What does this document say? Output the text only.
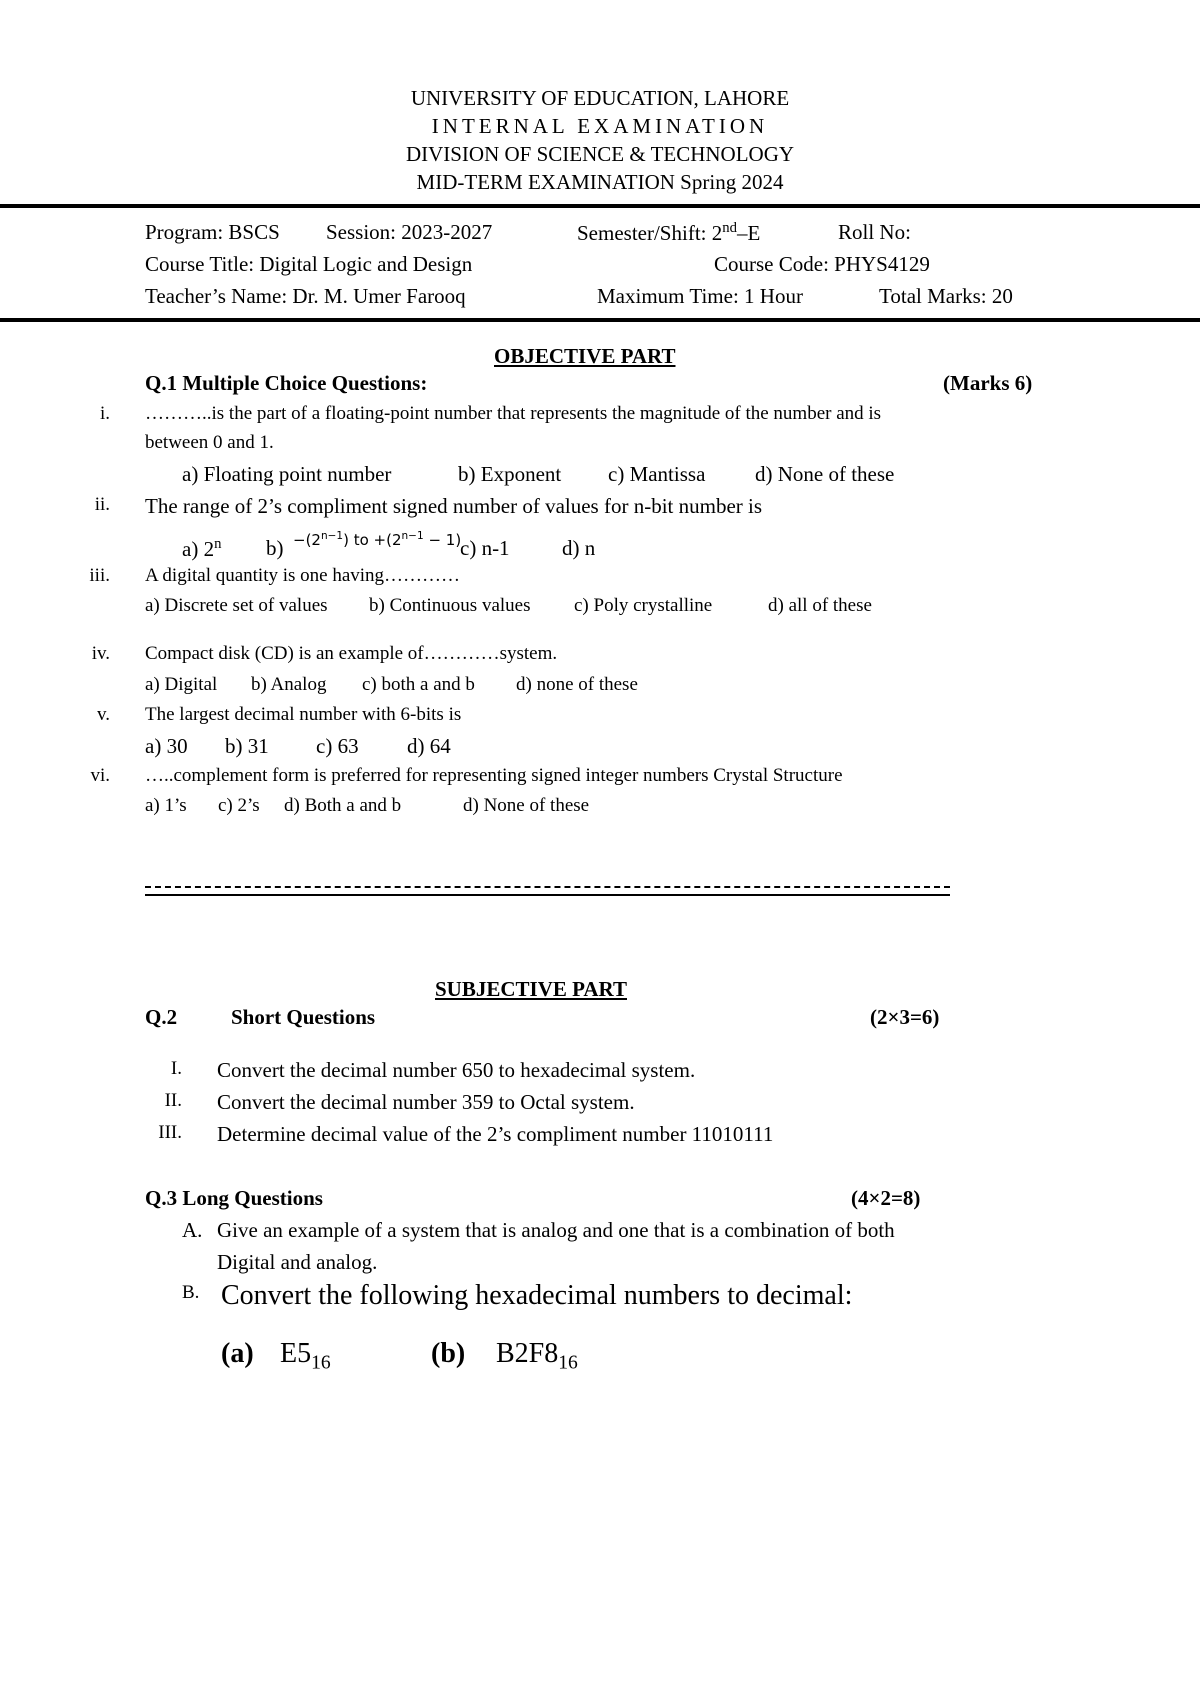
UNIVERSITY OF EDUCATION, LAHORE
INTERNAL EXAMINATION
DIVISION OF SCIENCE & TECHNOLOGY
MID-TERM EXAMINATION Spring 2024
Program: BSCS Session: 2023-2027	Semester/Shift: 2nd–E	Roll No:
Course Title: Digital Logic and Design	Course Code: PHYS4129
Teacher’s Name: Dr. M. Umer Farooq	Maximum Time: 1 Hour	Total Marks: 20
OBJECTIVE PART
Q.1 Multiple Choice Questions:	(Marks 6)
i. ………..is the part of a floating-point number that represents the magnitude of the number and is
between 0 and 1.
a) Floating point number	b) Exponent c) Mantissa d) None of these
ii. The range of 2’s compliment signed number of values for n-bit number is
a) 2$^n$ $b) -(2^{n-1})$ to $+(2^{n-1} - 1)$
c) n-1 d) n
iii. A digital quantity is one having…………
a) Discrete set of values b) Continuous values c) Poly crystalline	d) all of these
iv. Compact disk (CD) is an example of…………system.
a) Digital b) Analog c) both a and b d) none of these
v. The largest decimal number with 6-bits is
a) 30 b) 31 c) 63 d) 64
vi. …..complement form is preferred for representing signed integer numbers Crystal Structure
a) 1’s c) 2’s d) Both a and b	d) None of these
SUBJECTIVE PART
Q.2	Short Questions	(2×3=6)
I. Convert the decimal number 650 to hexadecimal system.
II. Convert the decimal number 359 to Octal system.
III. Determine decimal value of the 2’s compliment number 11010111
Q.3 Long Questions	(4×2=8)
A. Give an example of a system that is analog and one that is a combination of both
Digital and analog.
B. Convert the following hexadecimal numbers to decimal:
(a) $E5_{16}$	(b) $B2F8_{16}$
